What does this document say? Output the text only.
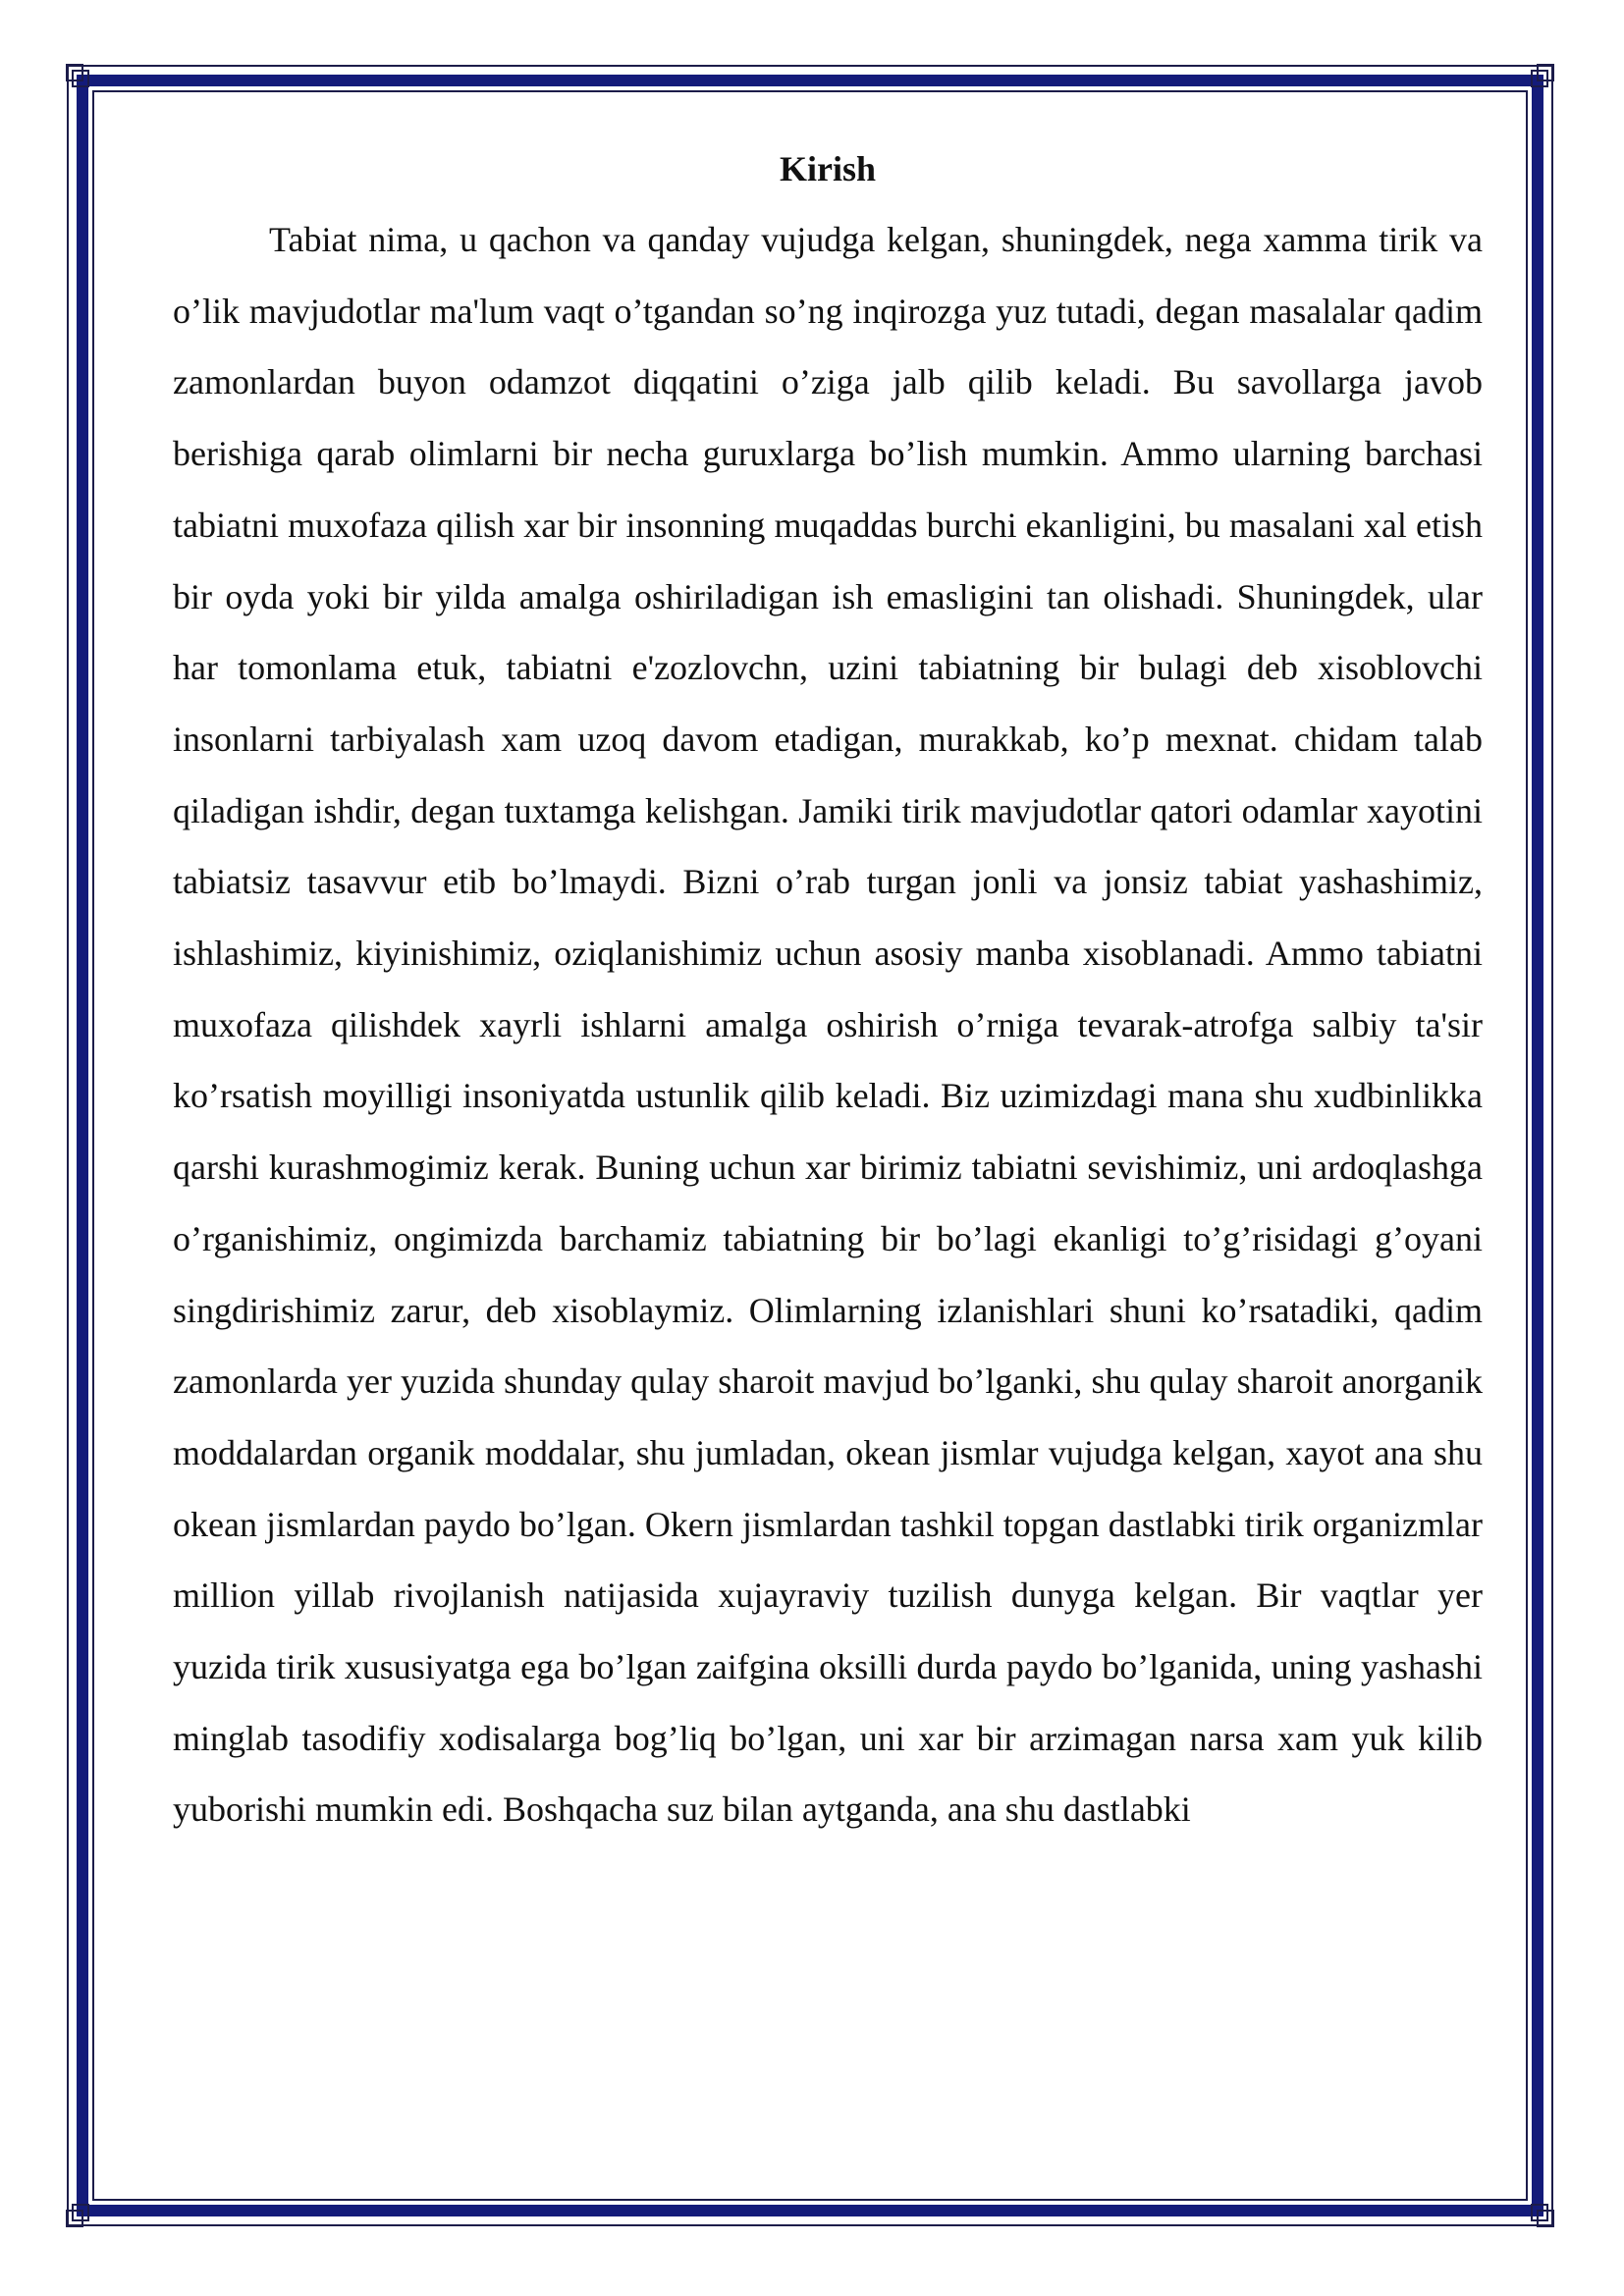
Kirish

Tabiat nima, u qachon va qanday vujudga kelgan, shuningdek, nega xamma tirik va o’lik mavjudotlar ma'lum vaqt o’tgandan so’ng inqirozga yuz tutadi, degan masalalar qadim zamonlardan buyon odamzot diqqatini o’ziga jalb qilib keladi. Bu savollarga javob berishiga qarab olimlarni bir necha guruxlarga bo’lish mumkin. Ammo ularning barchasi tabiatni muxofaza qilish xar bir insonning muqaddas burchi ekanligini, bu masalani xal etish bir oyda yoki bir yilda amalga oshiriladigan ish emasligini tan olishadi. Shuningdek, ular har tomonlama etuk, tabiatni e'zozlovchn, uzini tabiatning bir bulagi deb xisoblovchi insonlarni tarbiyalash xam uzoq davom etadigan, murakkab, ko’p mexnat. chidam talab qiladigan ishdir, degan tuxtamga kelishgan. Jamiki tirik mavjudotlar qatori odamlar xayotini tabiatsiz tasavvur etib bo’lmaydi. Bizni o’rab turgan jonli va jonsiz tabiat yashashimiz, ishlashimiz, kiyinishimiz, oziqlanishimiz uchun asosiy manba xisoblanadi. Ammo tabiatni muxofaza qilishdek xayrli ishlarni amalga oshirish o’rniga tevarak-atrofga salbiy ta'sir ko’rsatish moyilligi insoniyatda ustunlik qilib keladi. Biz uzimizdagi mana shu xudbinlikka qarshi kurashmogimiz kerak. Buning uchun xar birimiz tabiatni sevishimiz, uni ardoqlashga o’rganishimiz, ongimizda barchamiz tabiatning bir bo’lagi ekanligi to’g’risidagi g’oyani singdirishimiz zarur, deb xisoblaymiz. Olimlarning izlanishlari shuni ko’rsatadiki, qadim zamonlarda yer yuzida shunday qulay sharoit mavjud bo’lganki, shu qulay sharoit anorganik moddalardan organik moddalar, shu jumladan, okean jismlar vujudga kelgan, xayot ana shu okean jismlardan paydo bo’lgan. Okern jismlardan tashkil topgan dastlabki tirik organizmlar million yillab rivojlanish natijasida xujayraviy tuzilish dunyga kelgan. Bir vaqtlar yer yuzida tirik xususiyatga ega bo’lgan zaifgina oksilli durda paydo bo’lganida, uning yashashi minglab tasodifiy xodisalarga bog’liq bo’lgan, uni xar bir arzimagan narsa xam yuk kilib yuborishi mumkin edi. Boshqacha suz bilan aytganda, ana shu dastlabki
